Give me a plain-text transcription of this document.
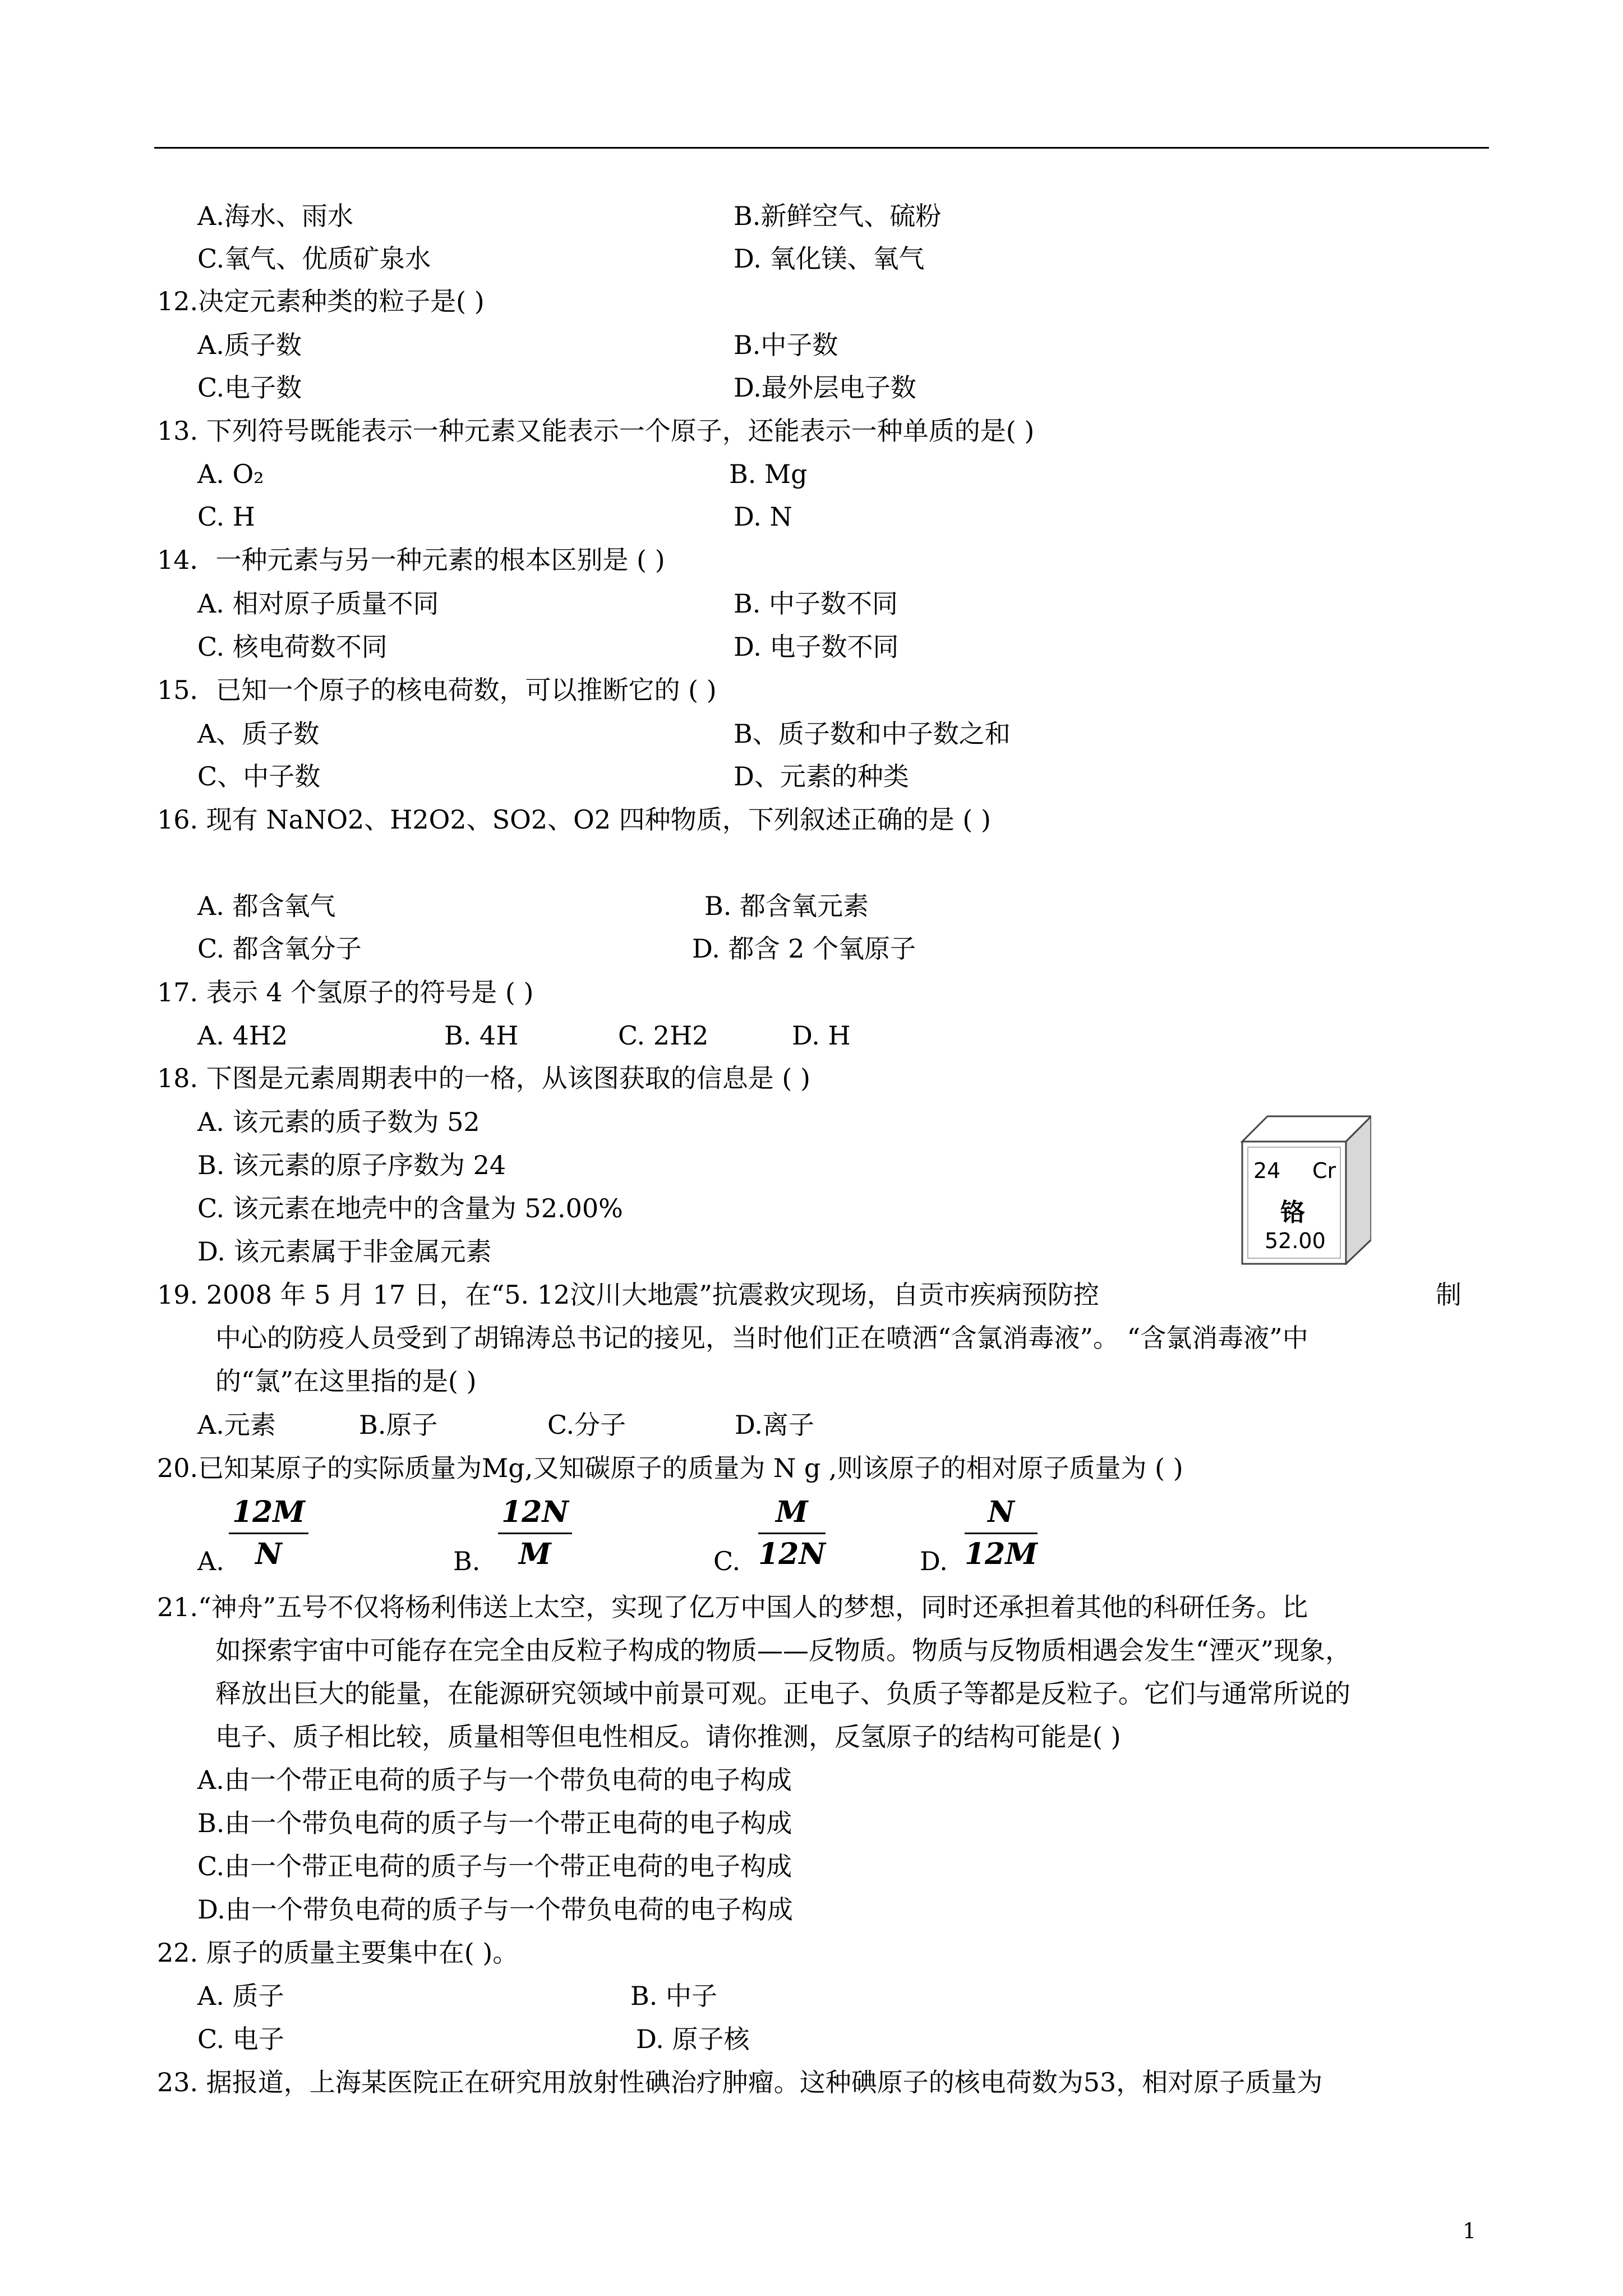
A.海水、雨水	B.新鲜空气、硫粉
C.氧气、优质矿泉水	D. 氧化镁、氧气
12.决定元素种类的粒子是( )
A.质子数	B.中子数
C.电子数	D.最外层电子数
13. 下列符号既能表示一种元素又能表示一个原子，还能表示一种单质的是( )
A. O₂	B. Mg
C. H	D. N
14．一种元素与另一种元素的根本区别是 ( )
A. 相对原子质量不同	B. 中子数不同
C. 核电荷数不同	D. 电子数不同
15．已知一个原子的核电荷数，可以推断它的 ( )
A、质子数	B、质子数和中子数之和
C、中子数	D、元素的种类
16. 现有 NaNO2、H2O2、SO2、O2 四种物质，下列叙述正确的是 ( )
A. 都含氧气	B. 都含氧元素
C. 都含氧分子	D. 都含 2 个氧原子
17. 表示 4 个氢原子的符号是 ( )
A. 4H2	B. 4H	C. 2H2	D. H
18. 下图是元素周期表中的一格，从该图获取的信息是 ( )
A. 该元素的质子数为 52
B. 该元素的原子序数为 24
C. 该元素在地壳中的含量为 52.00%
D. 该元素属于非金属元素
24 Cr
铬
52.00
19. 2008 年 5 月 17 日，在“5. 12汶川大地震”抗震救灾现场，自贡市疾病预防控	制
中心的防疫人员受到了胡锦涛总书记的接见，当时他们正在喷洒“含氯消毒液”。 “含氯消毒液”中
的“氯”在这里指的是( )
A.元素	B.原子	C.分子	D.离子
20.已知某原子的实际质量为Mg,又知碳原子的质量为 N g ,则该原子的相对原子质量为 ( )
A. $\frac{12M}{N}$	B. $\frac{12N}{M}$	C. $\frac{M}{12N}$	D. $\frac{N}{12M}$
21.“神舟”五号不仅将杨利伟送上太空，实现了亿万中国人的梦想，同时还承担着其他的科研任务。比
如探索宇宙中可能存在完全由反粒子构成的物质——反物质。物质与反物质相遇会发生“湮灭”现象，
释放出巨大的能量，在能源研究领域中前景可观。正电子、负质子等都是反粒子。它们与通常所说的
电子、质子相比较，质量相等但电性相反。请你推测，反氢原子的结构可能是( )
A.由一个带正电荷的质子与一个带负电荷的电子构成
B.由一个带负电荷的质子与一个带正电荷的电子构成
C.由一个带正电荷的质子与一个带正电荷的电子构成
D.由一个带负电荷的质子与一个带负电荷的电子构成
22. 原子的质量主要集中在( )。
A. 质子	B. 中子
C. 电子	D. 原子核
23. 据报道，上海某医院正在研究用放射性碘治疗肿瘤。这种碘原子的核电荷数为53，相对原子质量为
1
